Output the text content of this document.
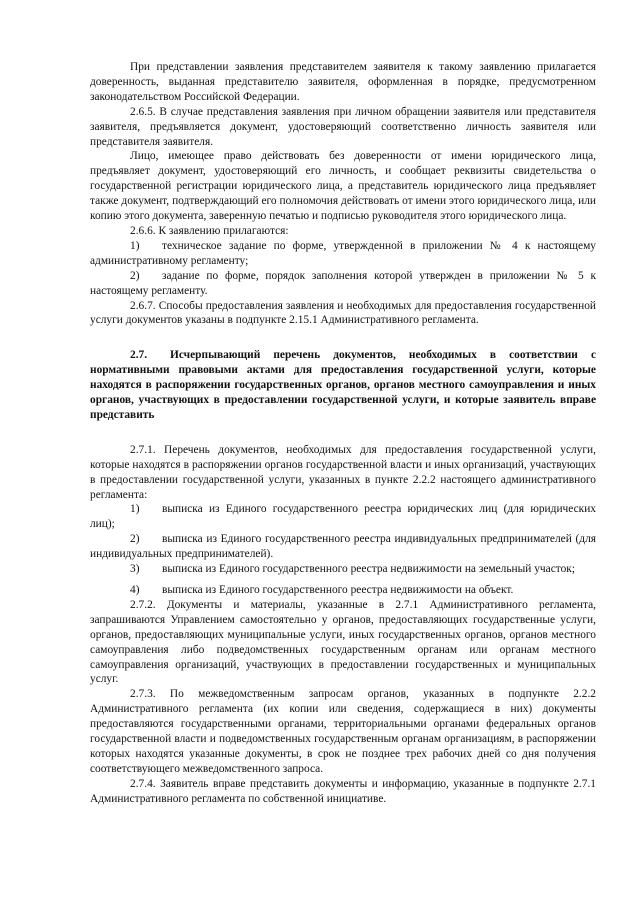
При представлении заявления представителем заявителя к такому заявлению прилагается доверенность, выданная представителю заявителя, оформленная в порядке, предусмотренном законодательством Российской Федерации.

2.6.5. В случае представления заявления при личном обращении заявителя или представителя заявителя, предъявляется документ, удостоверяющий соответственно личность заявителя или представителя заявителя.

Лицо, имеющее право действовать без доверенности от имени юридического лица, предъявляет документ, удостоверяющий его личность, и сообщает реквизиты свидетельства о государственной регистрации юридического лица, а представитель юридического лица предъявляет также документ, подтверждающий его полномочия действовать от имени этого юридического лица, или копию этого документа, заверенную печатью и подписью руководителя этого юридического лица.

2.6.6. К заявлению прилагаются:

1) техническое задание по форме, утвержденной в приложении № 4 к настоящему административному регламенту;

2) задание по форме, порядок заполнения которой утвержден в приложении № 5 к настоящему регламенту.

2.6.7. Способы предоставления заявления и необходимых для предоставления государственной услуги документов указаны в подпункте 2.15.1 Административного регламента.

2.7. Исчерпывающий перечень документов, необходимых в соответствии с нормативными правовыми актами для предоставления государственной услуги, которые находятся в распоряжении государственных органов, органов местного самоуправления и иных органов, участвующих в предоставлении государственной услуги, и которые заявитель вправе представить

2.7.1. Перечень документов, необходимых для предоставления государственной услуги, которые находятся в распоряжении органов государственной власти и иных организаций, участвующих в предоставлении государственной услуги, указанных в пункте 2.2.2 настоящего административного регламента:

1) выписка из Единого государственного реестра юридических лиц (для юридических лиц);

2) выписка из Единого государственного реестра индивидуальных предпринимателей (для индивидуальных предпринимателей).

3) выписка из Единого государственного реестра недвижимости на земельный участок;

4) выписка из Единого государственного реестра недвижимости на объект.

2.7.2. Документы и материалы, указанные в 2.7.1 Административного регламента, запрашиваются Управлением самостоятельно у органов, предоставляющих государственные услуги, органов, предоставляющих муниципальные услуги, иных государственных органов, органов местного самоуправления либо подведомственных государственным органам или органам местного самоуправления организаций, участвующих в предоставлении государственных и муниципальных услуг.

2.7.3. По межведомственным запросам органов, указанных в подпункте 2.2.2 Административного регламента (их копии или сведения, содержащиеся в них) документы предоставляются государственными органами, территориальными органами федеральных органов государственной власти и подведомственных государственным органам организациям, в распоряжении которых находятся указанные документы, в срок не позднее трех рабочих дней со дня получения соответствующего межведомственного запроса.

2.7.4. Заявитель вправе представить документы и информацию, указанные в подпункте 2.7.1 Административного регламента по собственной инициативе.
